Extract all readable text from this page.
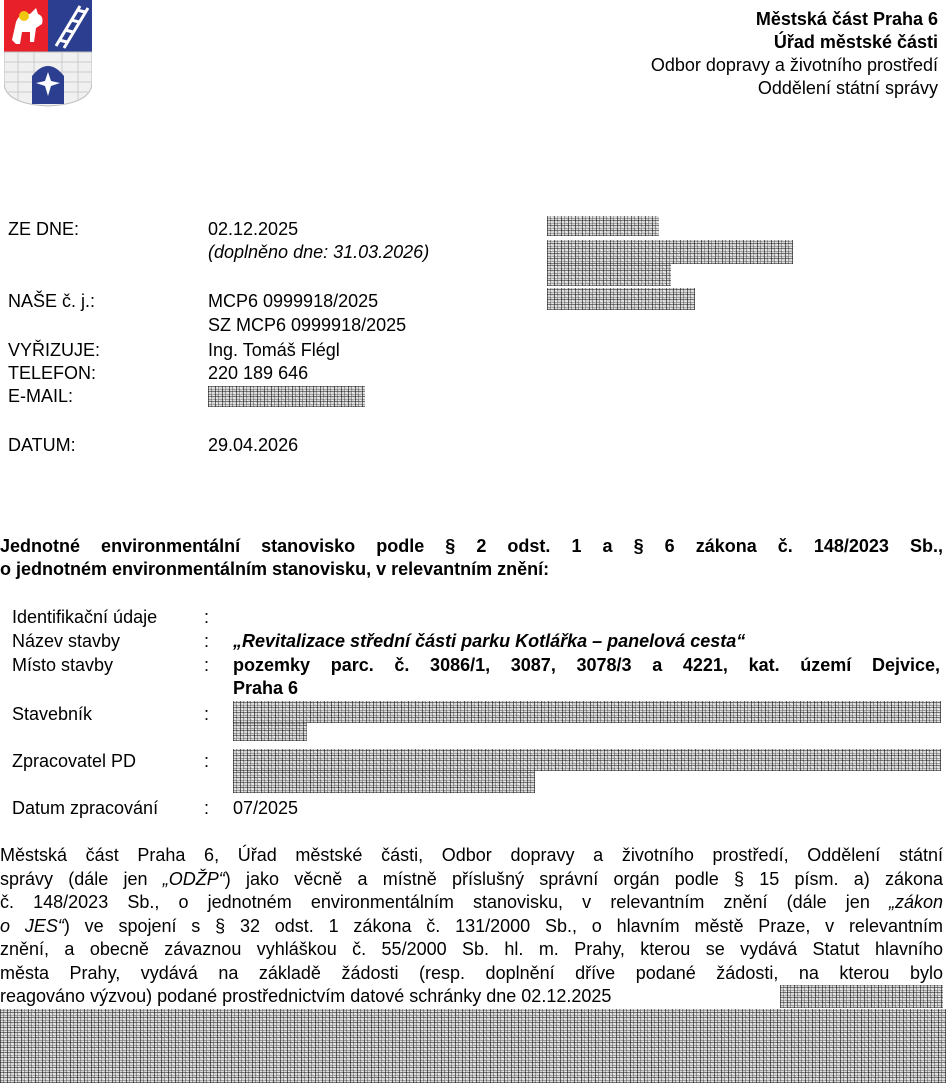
Městská část Praha 6
Úřad městské části
Odbor dopravy a životního prostředí
Oddělení státní správy
ZE DNE:	02.12.2025
(doplněno dne: 31.03.2026)
NAŠE č. j.:	MCP6 0999918/2025
SZ MCP6 0999918/2025
VYŘIZUJE:	Ing. Tomáš Flégl
TELEFON:	220 189 646
E-MAIL:
DATUM:	29.04.2026
Jednotné environmentální stanovisko podle § 2 odst. 1 a § 6 zákona č. 148/2023 Sb.,
o jednotném environmentálním stanovisku, v relevantním znění:
Identifikační údaje	:
Název stavby	: „Revitalizace střední části parku Kotlářka – panelová cesta“
Místo stavby	: pozemky parc. č. 3086/1, 3087, 3078/3 a 4221, kat. území Dejvice,
Praha 6
Stavebník	:
Zpracovatel PD	:
Datum zpracování	: 07/2025
Městská část Praha 6, Úřad městské části, Odbor dopravy a životního prostředí, Oddělení státní
správy (dále jen „ODŽP“) jako věcně a místně příslušný správní orgán podle § 15 písm. a) zákona
č. 148/2023 Sb., o jednotném environmentálním stanovisku, v relevantním znění (dále jen „zákon
o JES“) ve spojení s § 32 odst. 1 zákona č. 131/2000 Sb., o hlavním městě Praze, v relevantním
znění, a obecně závaznou vyhláškou č. 55/2000 Sb. hl. m. Prahy, kterou se vydává Statut hlavního
města Prahy, vydává na základě žádosti (resp. doplnění dříve podané žádosti, na kterou bylo
reagováno výzvou) podané prostřednictvím datové schránky dne 02.12.2025
